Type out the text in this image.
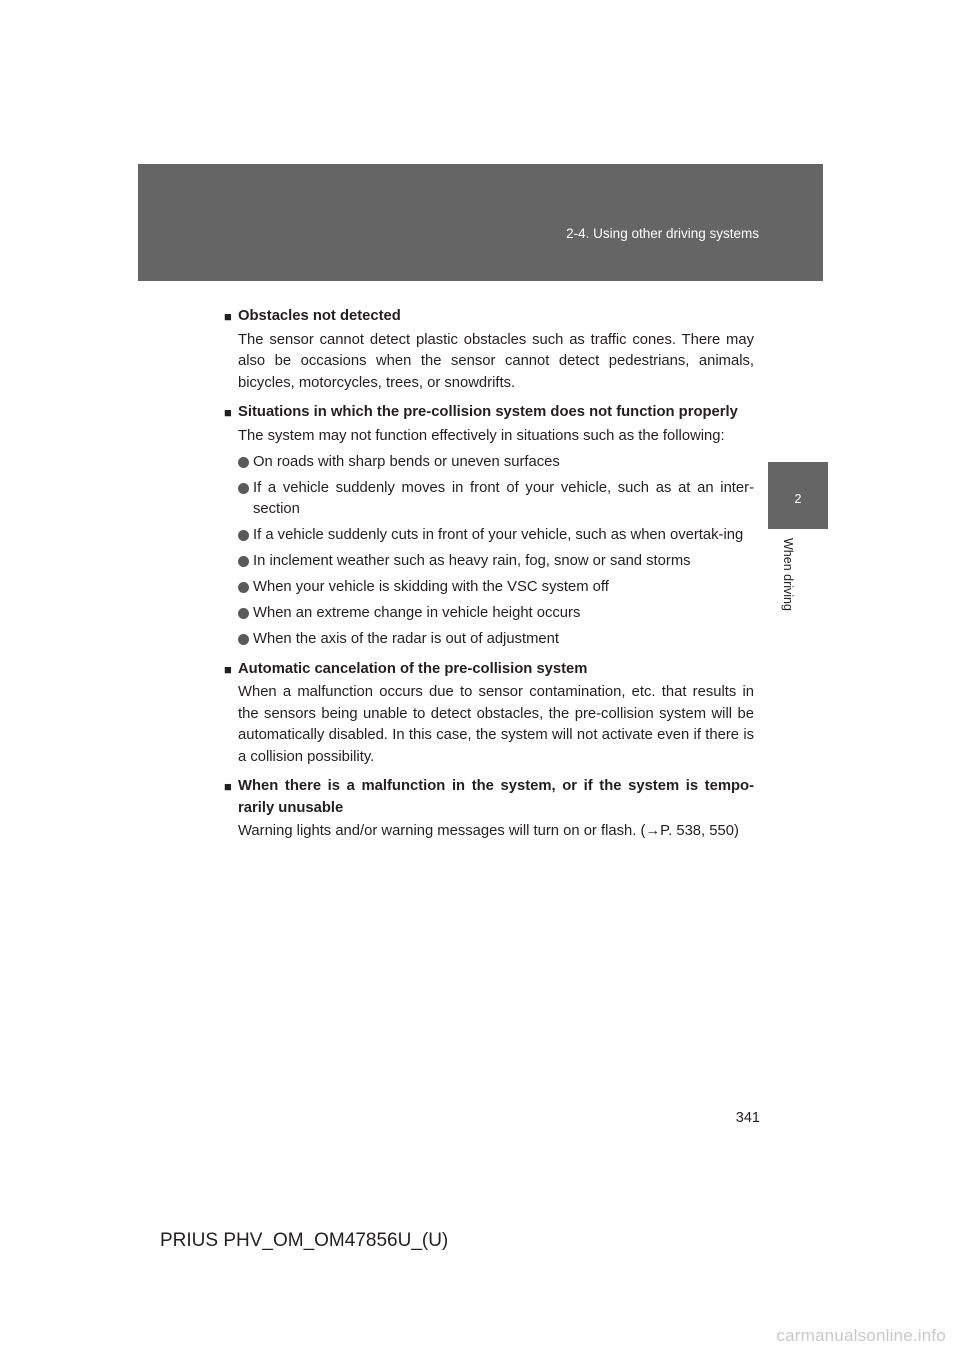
2-4. Using other driving systems
2
When driving
■ Obstacles not detected
The sensor cannot detect plastic obstacles such as traffic cones. There may also be occasions when the sensor cannot detect pedestrians, animals, bicycles, motorcycles, trees, or snowdrifts.
■ Situations in which the pre-collision system does not function properly
The system may not function effectively in situations such as the following:
On roads with sharp bends or uneven surfaces
If a vehicle suddenly moves in front of your vehicle, such as at an inter-section
If a vehicle suddenly cuts in front of your vehicle, such as when overtak-ing
In inclement weather such as heavy rain, fog, snow or sand storms
When your vehicle is skidding with the VSC system off
When an extreme change in vehicle height occurs
When the axis of the radar is out of adjustment
■ Automatic cancelation of the pre-collision system
When a malfunction occurs due to sensor contamination, etc. that results in the sensors being unable to detect obstacles, the pre-collision system will be automatically disabled. In this case, the system will not activate even if there is a collision possibility.
■ When there is a malfunction in the system, or if the system is tempo-rarily unusable
Warning lights and/or warning messages will turn on or flash. (→P. 538, 550)
341
PRIUS PHV_OM_OM47856U_(U)
carmanualsonline.info
